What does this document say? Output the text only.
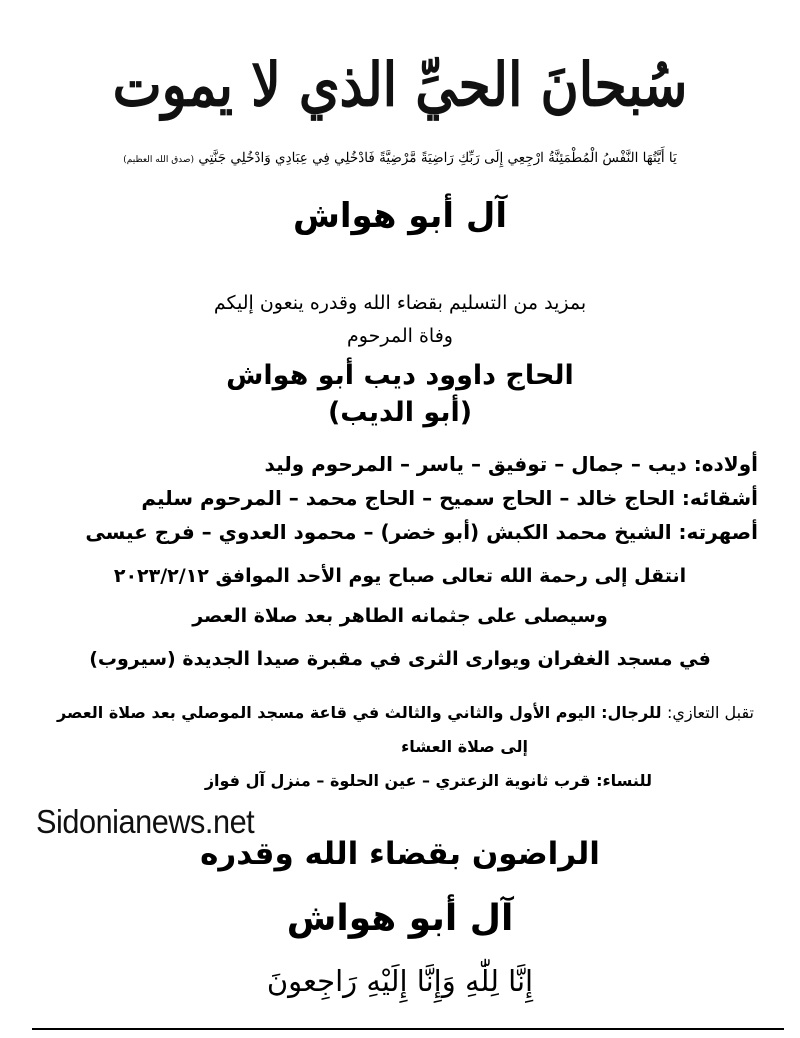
سُبحانَ الحيِّ الذي لا يموت
يَا أَيَّتُهَا النَّفْسُ الْمُطْمَئِنَّةُ ارْجِعِي إِلَى رَبِّكِ رَاضِيَةً مَّرْضِيَّةً فَادْخُلِي فِي عِبَادِي وَادْخُلِي جَنَّتِي (صدق الله العظيم)
آل أبو هواش
بمزيد من التسليم بقضاء الله وقدره ينعون إليكم
وفاة المرحوم
الحاج داوود ديب أبو هواش
(أبو الديب)
أولاده: ديب – جمال – توفيق – ياسر – المرحوم وليد
أشقائه: الحاج خالد – الحاج سميح – الحاج محمد – المرحوم سليم
أصهرته: الشيخ محمد الكبش (أبو خضر) – محمود العدوي – فرج عيسى
انتقل إلى رحمة الله تعالى صباح يوم الأحد الموافق ٢٠٢٣/٢/١٢
وسيصلى على جثمانه الطاهر بعد صلاة العصر
في مسجد الغفران ويوارى الثرى في مقبرة صيدا الجديدة (سيروب)
تقبل التعازي: للرجال: اليوم الأول والثاني والثالث في قاعة مسجد الموصلي بعد صلاة العصر
إلى صلاة العشاء
للنساء: قرب ثانوية الزعتري – عين الحلوة – منزل آل فواز
Sidonianews.net
الراضون بقضاء الله وقدره
آل أبو هواش
إِنَّا لِلّٰهِ وَإِنَّا إِلَيْهِ رَاجِعونَ
